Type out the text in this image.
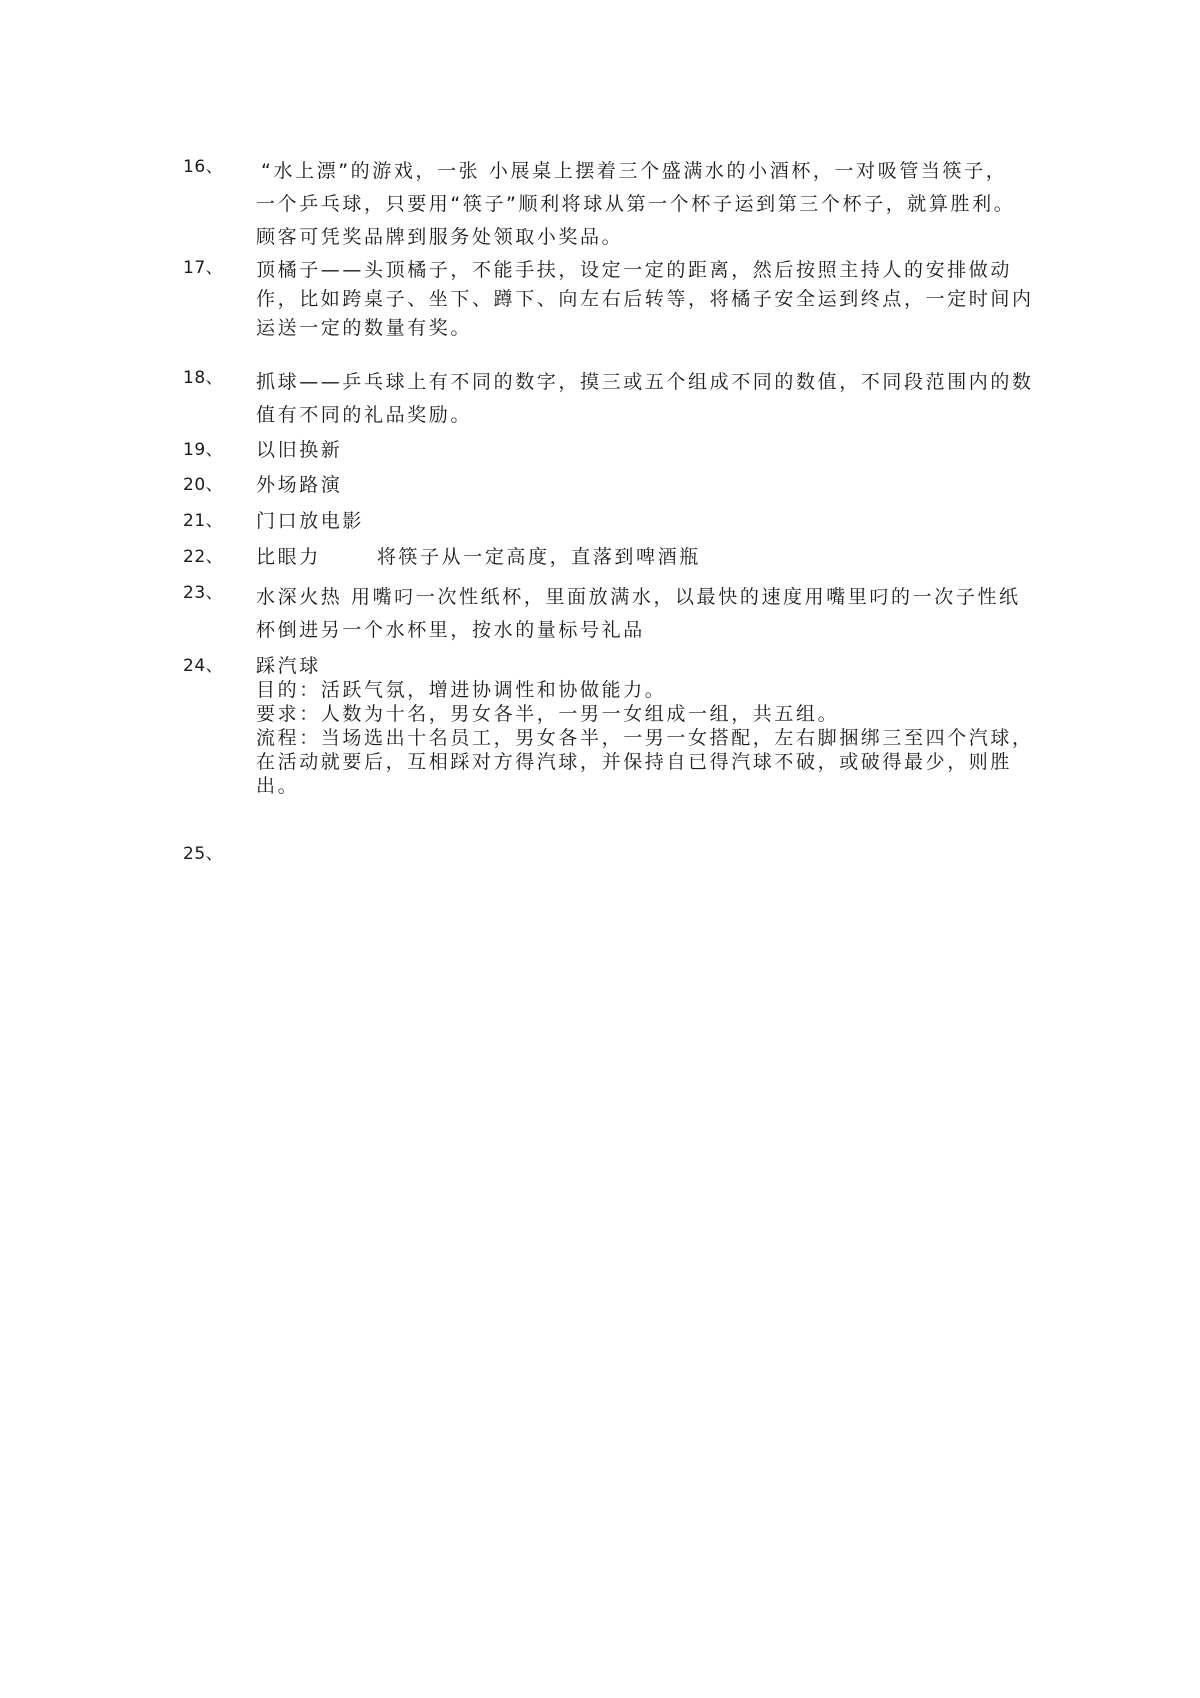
16、	“水上漂”的游戏，一张 小展桌上摆着三个盛满水的小酒杯，一对吸管当筷子，
一个乒乓球，只要用“筷子”顺利将球从第一个杯子运到第三个杯子，就算胜利。
顾客可凭奖品牌到服务处领取小奖品。
17、	顶橘子——头顶橘子，不能手扶，设定一定的距离，然后按照主持人的安排做动
作，比如跨桌子、坐下、蹲下、向左右后转等，将橘子安全运到终点，一定时间内
运送一定的数量有奖。
18、	抓球——乒乓球上有不同的数字，摸三或五个组成不同的数值，不同段范围内的数
值有不同的礼品奖励。
19、	以旧换新
20、	外场路演
21、	门口放电影
22、	比眼力	将筷子从一定高度，直落到啤酒瓶
23、	水深火热 用嘴叼一次性纸杯，里面放满水，以最快的速度用嘴里叼的一次子性纸
杯倒进另一个水杯里，按水的量标号礼品
24、	踩汽球
目的：活跃气氛，增进协调性和协做能力。
要求：人数为十名，男女各半，一男一女组成一组，共五组。
流程：当场选出十名员工，男女各半，一男一女搭配，左右脚捆绑三至四个汽球，
在活动就要后，互相踩对方得汽球，并保持自已得汽球不破，或破得最少，则胜
出。
25、
